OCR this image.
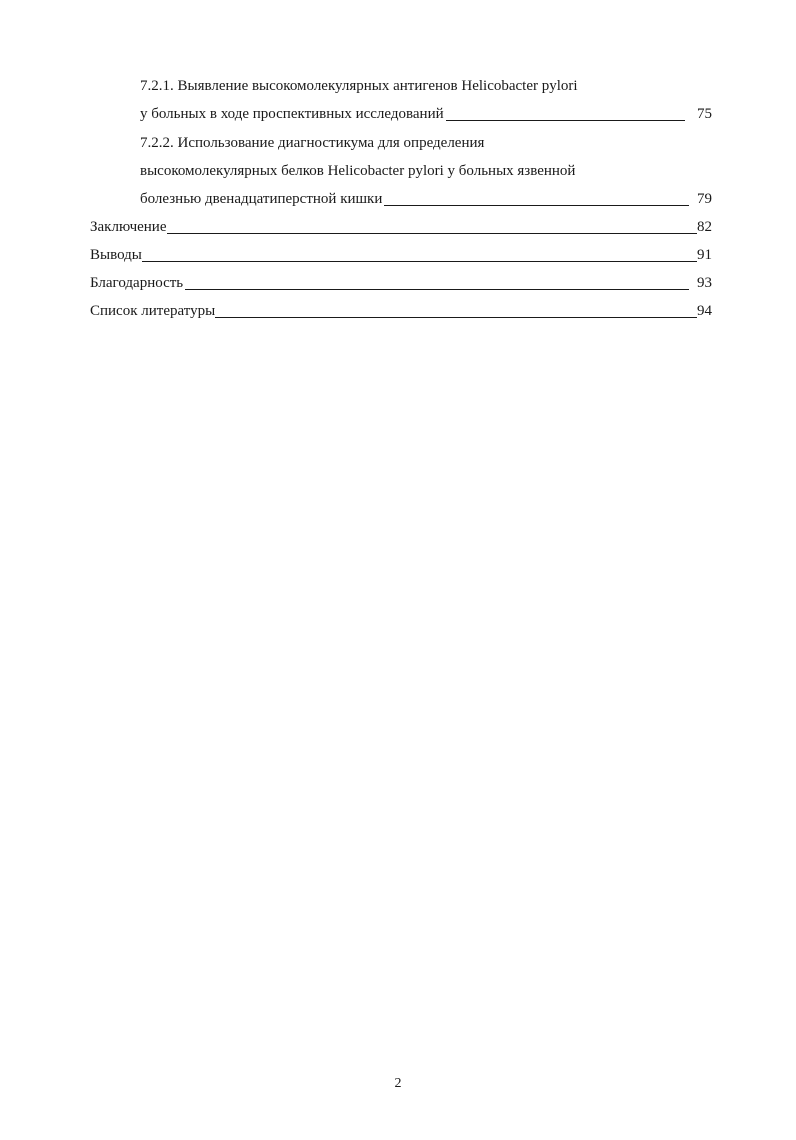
7.2.1. Выявление высокомолекулярных антигенов Helicobacter pylori
у больных в ходе проспективных исследований	75
7.2.2. Использование диагностикума для определения
высокомолекулярных белков Helicobacter pylori у больных язвенной
болезнью двенадцатиперстной кишки	79
Заключение	82
Выводы	91
Благодарность	93
Список литературы	94
2
